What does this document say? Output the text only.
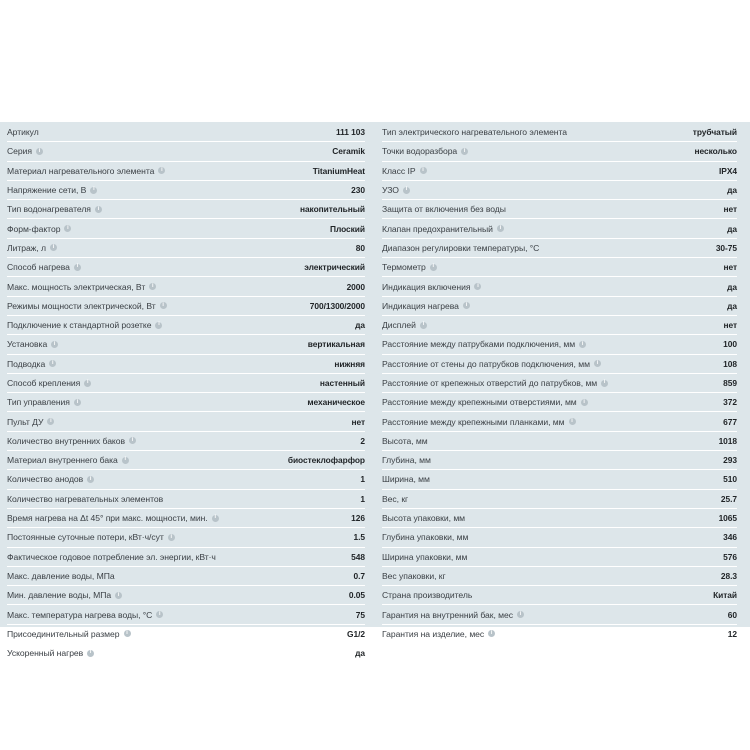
Артикул	111 103
Серия	i	Ceramik
Материал нагревательного элемента	i	TitaniumHeat
Напряжение сети, В	i	230
Тип водонагревателя	i	накопительный
Форм-фактор	i	Плоский
Литраж, л	i	80
Способ нагрева	i	электрический
Макс. мощность электрическая, Вт	i	2000
Режимы мощности электрической, Вт	i	700/1300/2000
Подключение к стандартной розетке	i	да
Установка	i	вертикальная
Подводка	i	нижняя
Способ крепления	i	настенный
Тип управления	i	механическое
Пульт ДУ	i	нет
Количество внутренних баков	i	2
Материал внутреннего бака	i	биостеклофарфор
Количество анодов	i	1
Количество нагревательных элементов	1
Время нагрева на Δt 45° при макс. мощности, мин.	i	126
Постоянные суточные потери, кВт·ч/сут	i	1.5
Фактическое годовое потребление эл. энергии, кВт·ч	548
Макс. давление воды, МПа	0.7
Мин. давление воды, МПа	i	0.05
Макс. температура нагрева воды, °С	i	75
Присоединительный размер	i	G1/2
Ускоренный нагрев	i	да
Тип электрического нагревательного элемента	трубчатый
Точки водоразбора	i	несколько
Класс IP	i	IPX4
УЗО	i	да
Защита от включения без воды	нет
Клапан предохранительный	i	да
Диапазон регулировки температуры, °С	30-75
Термометр	i	нет
Индикация включения	i	да
Индикация нагрева	i	да
Дисплей	i	нет
Расстояние между патрубками подключения, мм	i	100
Расстояние от стены до патрубков подключения, мм	i	108
Расстояние от крепежных отверстий до патрубков, мм	i	859
Расстояние между крепежными отверстиями, мм	i	372
Расстояние между крепежными планками, мм	i	677
Высота, мм	1018
Глубина, мм	293
Ширина, мм	510
Вес, кг	25.7
Высота упаковки, мм	1065
Глубина упаковки, мм	346
Ширина упаковки, мм	576
Вес упаковки, кг	28.3
Страна производитель	Китай
Гарантия на внутренний бак, мес	i	60
Гарантия на изделие, мес	i	12
